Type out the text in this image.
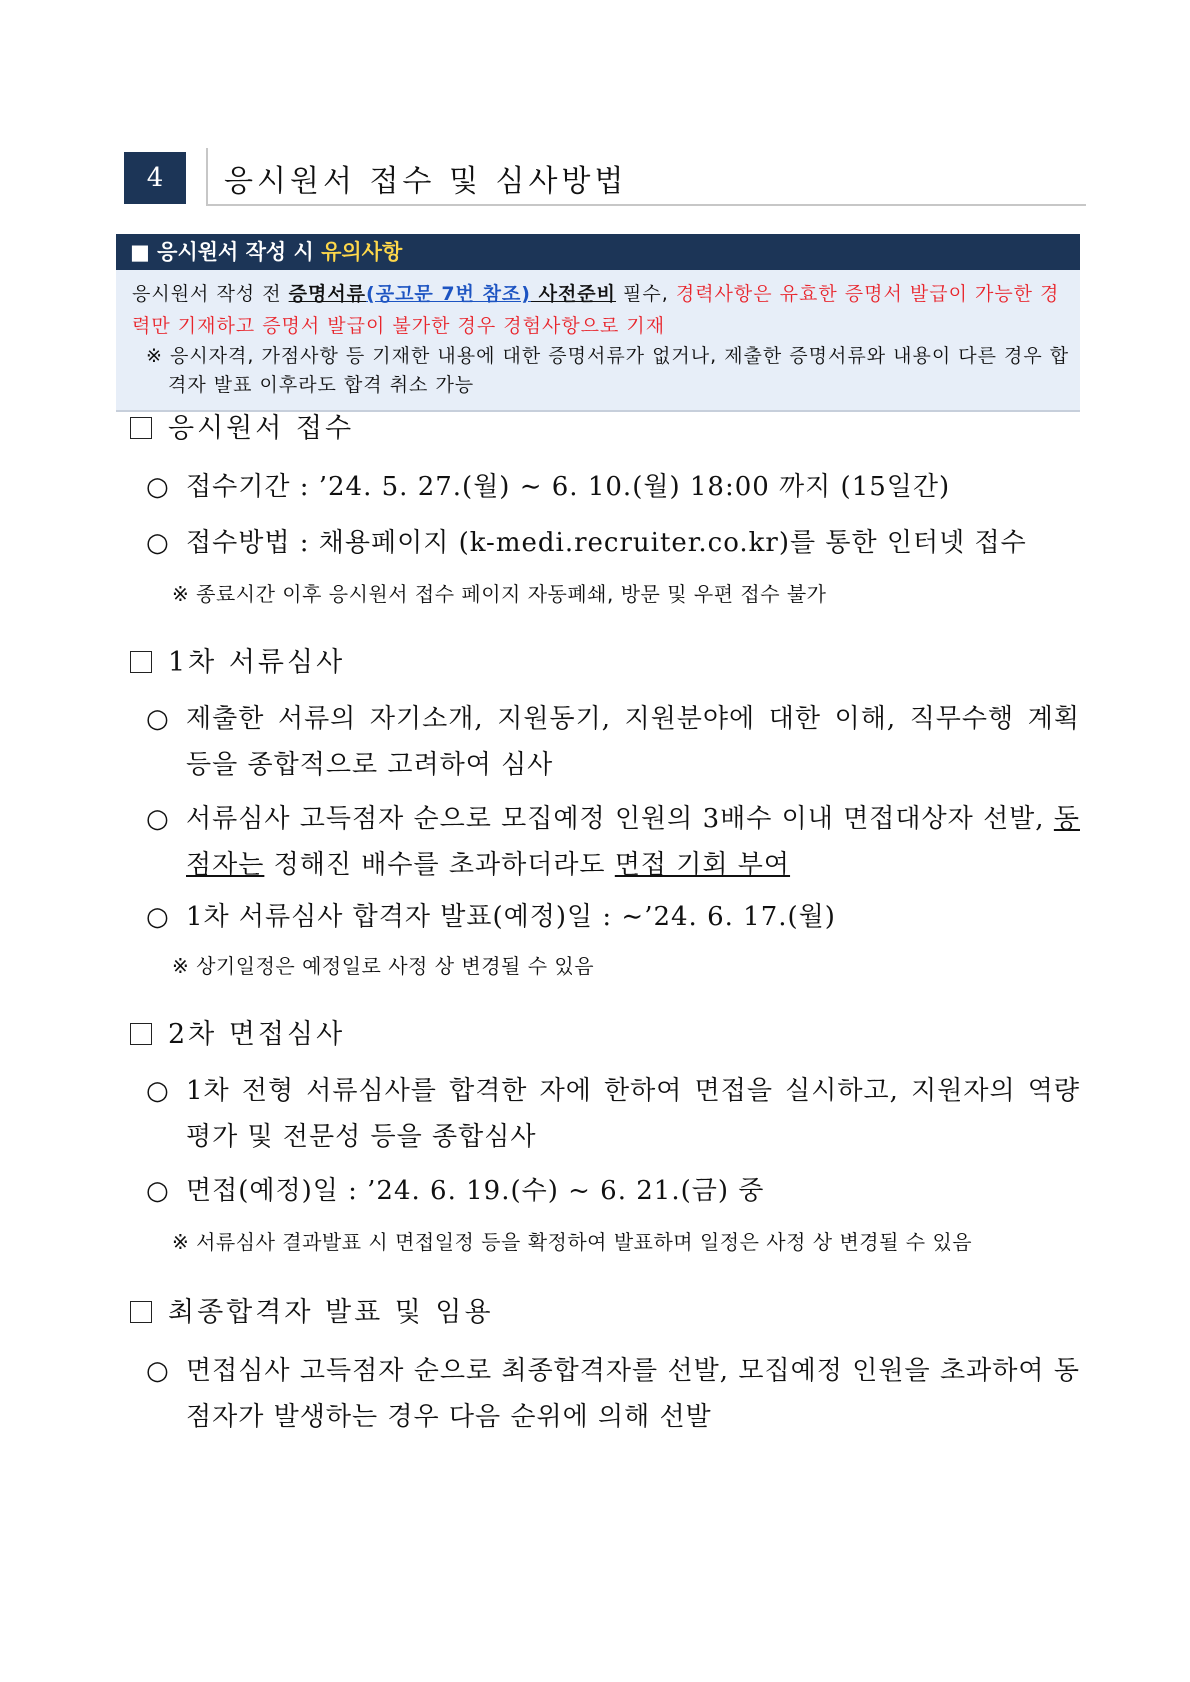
4	응시원서 접수 및 심사방법
■ 응시원서 작성 시 유의사항
응시원서 작성 전 증명서류(공고문 7번 참조) 사전준비 필수, 경력사항은 유효한 증명서 발급이 가능한 경력만 기재하고 증명서 발급이 불가한 경우 경험사항으로 기재
※ 응시자격, 가점사항 등 기재한 내용에 대한 증명서류가 없거나, 제출한 증명서류와 내용이 다른 경우 합격자 발표 이후라도 합격 취소 가능
응시원서 접수
○ 접수기간 : ’24. 5. 27.(월) ∼ 6. 10.(월) 18:00 까지 (15일간)
○ 접수방법 : 채용페이지 (k-medi.recruiter.co.kr)를 통한 인터넷 접수
※ 종료시간 이후 응시원서 접수 페이지 자동폐쇄, 방문 및 우편 접수 불가
1차 서류심사
○ 제출한 서류의 자기소개, 지원동기, 지원분야에 대한 이해, 직무수행 계획 등을 종합적으로 고려하여 심사
○ 서류심사 고득점자 순으로 모집예정 인원의 3배수 이내 면접대상자 선발, 동점자는 정해진 배수를 초과하더라도 면접 기회 부여
○ 1차 서류심사 합격자 발표(예정)일 : ∼’24. 6. 17.(월)
※ 상기일정은 예정일로 사정 상 변경될 수 있음
2차 면접심사
○ 1차 전형 서류심사를 합격한 자에 한하여 면접을 실시하고, 지원자의 역량 평가 및 전문성 등을 종합심사
○ 면접(예정)일 : ’24. 6. 19.(수) ~ 6. 21.(금) 중
※ 서류심사 결과발표 시 면접일정 등을 확정하여 발표하며 일정은 사정 상 변경될 수 있음
최종합격자 발표 및 임용
○ 면접심사 고득점자 순으로 최종합격자를 선발, 모집예정 인원을 초과하여 동점자가 발생하는 경우 다음 순위에 의해 선발
